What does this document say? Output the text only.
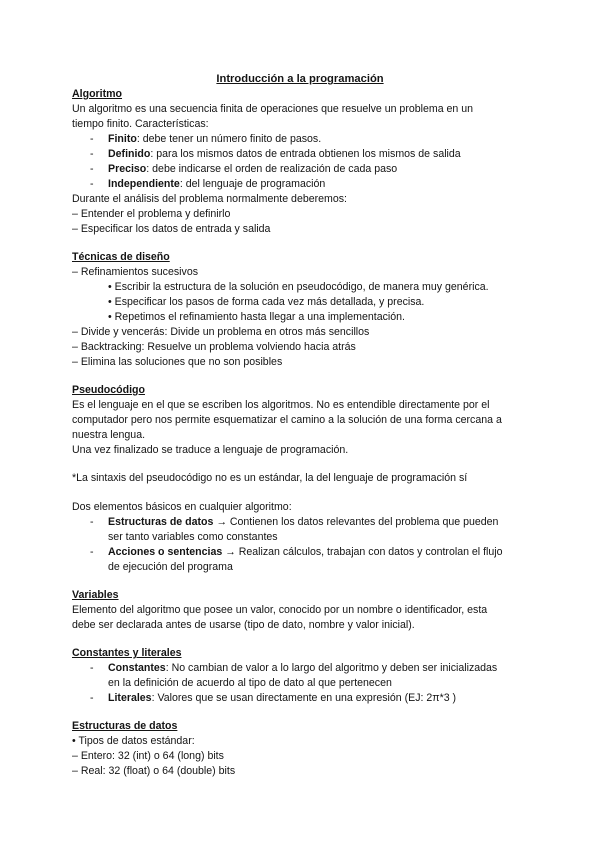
Introducción a la programación
Algoritmo
Un algoritmo es una secuencia finita de operaciones que resuelve un problema en un
tiempo finito. Características:
- Finito: debe tener un número finito de pasos.
- Definido: para los mismos datos de entrada obtienen los mismos de salida
- Preciso: debe indicarse el orden de realización de cada paso
- Independiente: del lenguaje de programación
Durante el análisis del problema normalmente deberemos:
– Entender el problema y definirlo
– Especificar los datos de entrada y salida
Técnicas de diseño
– Refinamientos sucesivos
• Escribir la estructura de la solución en pseudocódigo, de manera muy genérica.
• Especificar los pasos de forma cada vez más detallada, y precisa.
• Repetimos el refinamiento hasta llegar a una implementación.
– Divide y vencerás: Divide un problema en otros más sencillos
– Backtracking: Resuelve un problema volviendo hacia atrás
– Elimina las soluciones que no son posibles
Pseudocódigo
Es el lenguaje en el que se escriben los algoritmos. No es entendible directamente por el
computador pero nos permite esquematizar el camino a la solución de una forma cercana a
nuestra lengua.
Una vez finalizado se traduce a lenguaje de programación.
*La sintaxis del pseudocódigo no es un estándar, la del lenguaje de programación sí
Dos elementos básicos en cualquier algoritmo:
- Estructuras de datos → Contienen los datos relevantes del problema que pueden
ser tanto variables como constantes
- Acciones o sentencias → Realizan cálculos, trabajan con datos y controlan el flujo
de ejecución del programa
Variables
Elemento del algoritmo que posee un valor, conocido por un nombre o identificador, esta
debe ser declarada antes de usarse (tipo de dato, nombre y valor inicial).
Constantes y literales
- Constantes: No cambian de valor a lo largo del algoritmo y deben ser inicializadas
en la definición de acuerdo al tipo de dato al que pertenecen
- Literales: Valores que se usan directamente en una expresión (EJ: 2π*3 )
Estructuras de datos
• Tipos de datos estándar:
– Entero: 32 (int) o 64 (long) bits
– Real: 32 (float) o 64 (double) bits
